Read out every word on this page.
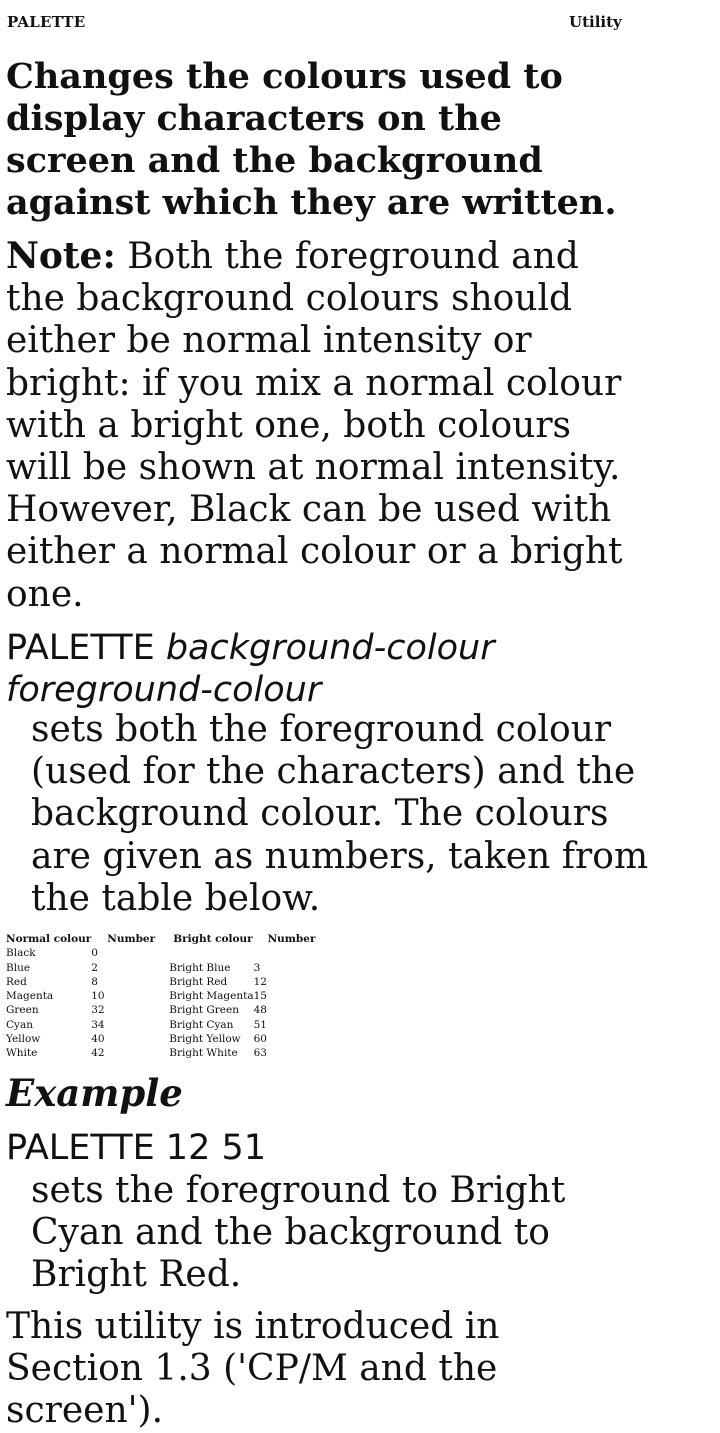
PALETTE	Utility
Changes the colours used to display characters on the screen and the background against which they are written.
Note: Both the foreground and the background colours should either be normal intensity or bright: if you mix a normal colour with a bright one, both colours will be shown at normal intensity. However, Black can be used with either a normal colour or a bright one.
PALETTE background-colour foreground-colour
sets both the foreground colour (used for the characters) and the background colour. The colours are given as numbers, taken from the table below.
Normal colour	Number	Bright colour	Number
Black	0		
Blue	2	Bright Blue	3
Red	8	Bright Red	12
Magenta	10	Bright Magenta	15
Green	32	Bright Green	48
Cyan	34	Bright Cyan	51
Yellow	40	Bright Yellow	60
White	42	Bright White	63
Example
PALETTE 12 51
sets the foreground to Bright Cyan and the background to Bright Red.
This utility is introduced in Section 1.3 ('CP/M and the screen').
